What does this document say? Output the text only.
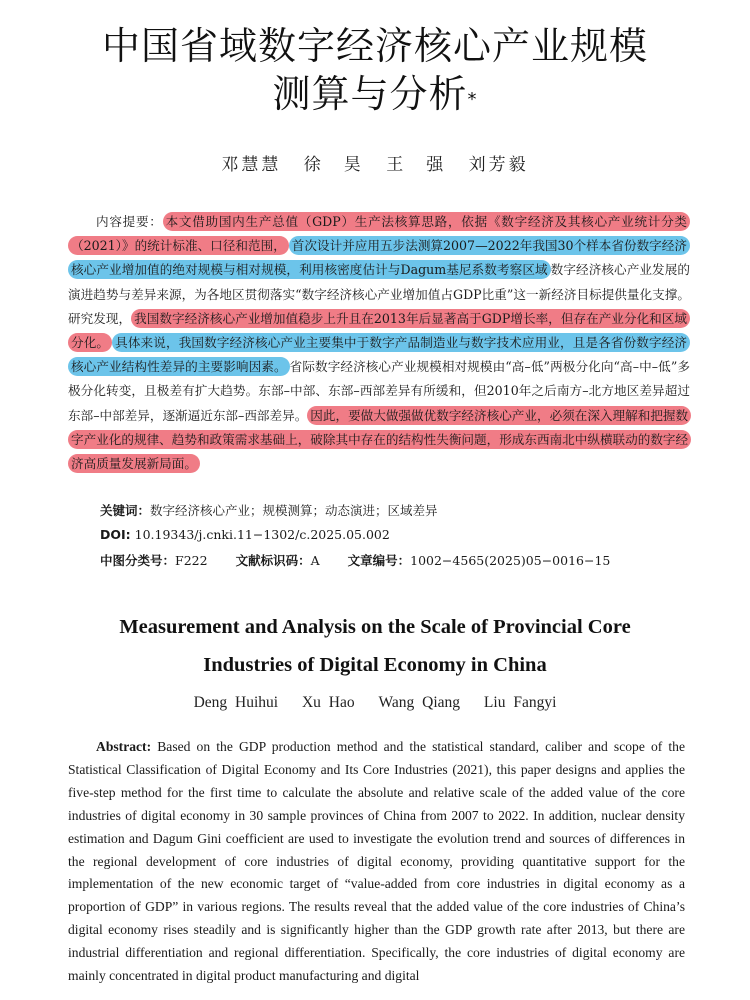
中国省域数字经济核心产业规模
测算与分析*
邓慧慧 徐　昊 王　强 刘芳毅
内容提要： 本文借助国内生产总值（GDP）生产法核算思路，依据《数字经济及其核心产业统计分类（2021）》的统计标准、口径和范围， 首次设计并应用五步法测算2007—2022年我国30个样本省份数字经济核心产业增加值的绝对规模与相对规模，利用核密度估计与Dagum基尼系数考察区域 数字经济核心产业发展的演进趋势与差异来源，为各地区贯彻落实“数字经济核心产业增加值占GDP比重”这一新经济目标提供量化支撑。研究发现， 我国数字经济核心产业增加值稳步上升且在2013年后显著高于GDP增长率，但存在产业分化和区域分化。 具体来说，我国数字经济核心产业主要集中于数字产品制造业与数字技术应用业，且是各省份数字经济核心产业结构性差异的主要影响因素。 省际数字经济核心产业规模相对规模由“高–低”两极分化向“高–中–低”多极分化转变，且极差有扩大趋势。东部–中部、东部–西部差异有所缓和，但2010年之后南方–北方地区差异超过东部–中部差异，逐渐逼近东部–西部差异。 因此，要做大做强做优数字经济核心产业，必须在深入理解和把握数字产业化的规律、趋势和政策需求基础上，破除其中存在的结构性失衡问题，形成东西南北中纵横联动的数字经济高质量发展新局面。
关键词：数字经济核心产业；规模测算；动态演进；区域差异
DOI: 10.19343/j.cnki.11−1302/c.2025.05.002
中图分类号：F222 文献标识码：A 文章编号：1002−4565(2025)05−0016−15
Measurement and Analysis on the Scale of Provincial Core
Industries of Digital Economy in China
Deng Huihui Xu Hao Wang Qiang Liu Fangyi
Abstract: Based on the GDP production method and the statistical standard, caliber and scope of the Statistical Classification of Digital Economy and Its Core Industries (2021), this paper designs and applies the five-step method for the first time to calculate the absolute and relative scale of the added value of the core industries of digital economy in 30 sample provinces of China from 2007 to 2022. In addition, nuclear density estimation and Dagum Gini coefficient are used to investigate the evolution trend and sources of differences in the regional development of core industries of digital economy, providing quantitative support for the implementation of the new economic target of “value-added from core industries in digital economy as a proportion of GDP” in various regions. The results reveal that the added value of the core industries of China’s digital economy rises steadily and is significantly higher than the GDP growth rate after 2013, but there are industrial differentiation and regional differentiation. Specifically, the core industries of digital economy are mainly concentrated in digital product manufacturing and digital
